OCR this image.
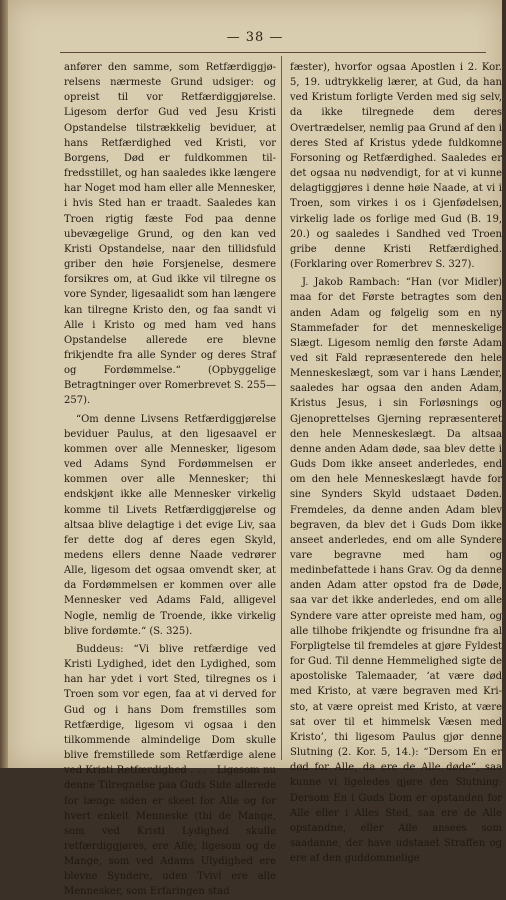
— 38 —

anfører den samme, som Retfærdiggjørelsens nærmeste Grund udsiger: og opreist til vor Retfærdiggjørelse. Ligesom derfor Gud ved Jesu Kristi Opstandelse tilstrækkelig beviduer, at hans Retfærdighed ved Kristi, vor Borgens, Død er fuldkommen tilfredsstillet, og han saaledes ikke længere har Noget mod ham eller alle Mennesker, i hvis Sted han er traadt. Saaledes kan Troen rigtig fæste Fod paa denne ubevægelige Grund, og den kan ved Kristi Opstandelse, naar den tillidsfuld griber den høie Forsjenelse, desmere forsikres om, at Gud ikke vil tilregne os vore Synder, ligesaalidt som han længere kan tilregne Kristo den, og faa sandt vi Alle i Kristo og med ham ved hans Opstandelse allerede ere blevne frikjendte fra alle Synder og deres Straf og Fordømmelse.“ (Opbyggelige Betragtninger over Romerbrevet S. 255—257).

“Om denne Livsens Retfærdiggjørelse beviduer Paulus, at den ligesaavel er kommen over alle Mennesker, ligesom ved Adams Synd Fordømmelsen er kommen over alle Mennesker; thi endskjønt ikke alle Mennesker virkelig komme til Livets Retfærdiggjørelse og altsaa blive delagtige i det evige Liv, saa fer dette dog af deres egen Skyld, medens ellers denne Naade vedrører Alle, ligesom det ogsaa omvendt sker, at da Fordømmelsen er kommen over alle Mennesker ved Adams Fald, alligevel Nogle, nemlig de Troende, ikke virkelig blive fordømte.“ (S. 325).

Buddeus: “Vi blive retfærdige ved Kristi Lydighed, idet den Lydighed, som han har ydet i vort Sted, tilregnes os i Troen som vor egen, faa at vi derved for Gud og i hans Dom fremstilles som Retfærdige, ligesom vi ogsaa i den tilkommende almindelige Dom skulle blive fremstillede som Retfærdige alene ved Kristi Retfærdighed . . . . Ligesom nu denne Tilregnelse paa Guds Side allerede for længe siden er skeet for Alle og for hvert enkelt Menneske (thi de Mange, som ved Kristi Lydighed skulle retfærdiggjøres, ere Alle; ligesom og de Mange, som ved Adams Ulydighed ere blevne Syndere, uden Tvivl ere alle Mennesker, som Erfaringen stad

fæster), hvorfor ogsaa Apostlen i 2. Kor. 5, 19. udtrykkelig lærer, at Gud, da han ved Kristum forligte Verden med sig selv, da ikke tilregnede dem deres Overtrædelser, nemlig paa Grund af den i deres Sted af Kristus ydede fuldkomne Forsoning og Retfærdighed. Saaledes er det ogsaa nu nødvendigt, for at vi kunne delagtiggjøres i denne høie Naade, at vi i Troen, som virkes i os i Gjenfødelsen, virkelig lade os forlige med Gud (B. 19, 20.) og saaledes i Sandhed ved Troen gribe denne Kristi Retfærdighed. (Forklaring over Romerbrev S. 327).

J. Jakob Rambach: “Han (vor Midler) maa for det Første betragtes som den anden Adam og følgelig som en ny Stammefader for det menneskelige Slægt. Ligesom nemlig den første Adam ved sit Fald repræsenterede den hele Menneskeslægt, som var i hans Lænder, saaledes har ogsaa den anden Adam, Kristus Jesus, i sin Forløsnings og Gjenoprettelses Gjerning repræsenteret den hele Menneskeslægt. Da altsaa denne anden Adam døde, saa blev dette i Guds Dom ikke anseet anderledes, end om den hele Menneskeslægt havde for sine Synders Skyld udstaaet Døden. Fremdeles, da denne anden Adam blev begraven, da blev det i Guds Dom ikke anseet anderledes, end om alle Syndere vare begravne med ham og medinbefattede i hans Grav. Og da denne anden Adam atter opstod fra de Døde, saa var det ikke anderledes, end om alle Syndere vare atter opreiste med ham, og alle tilhobe frikjendte og frisundne fra al Forpligtelse til fremdeles at gjøre Fyldest for Gud. Til denne Hemmelighed sigte de apostoliske Talemaader, ‘at være død med Kristo, at være begraven med Kristo, at være opreist med Kristo, at være sat over til et himmelsk Væsen med Kristo’, thi ligesom Paulus gjør denne Slutning (2. Kor. 5, 14.): “Dersom En er død for Alle, da ere de Alle døde“, saa kunne vi ligeledes gjøre den Slutning: Dersom En i Guds Dom er opstanden for Alle eller i Alles Sted, saa ere de Alle opstandne, eller Alle ansees som saadanne, der have udstaaet Straffen og ere af den guddommelige
